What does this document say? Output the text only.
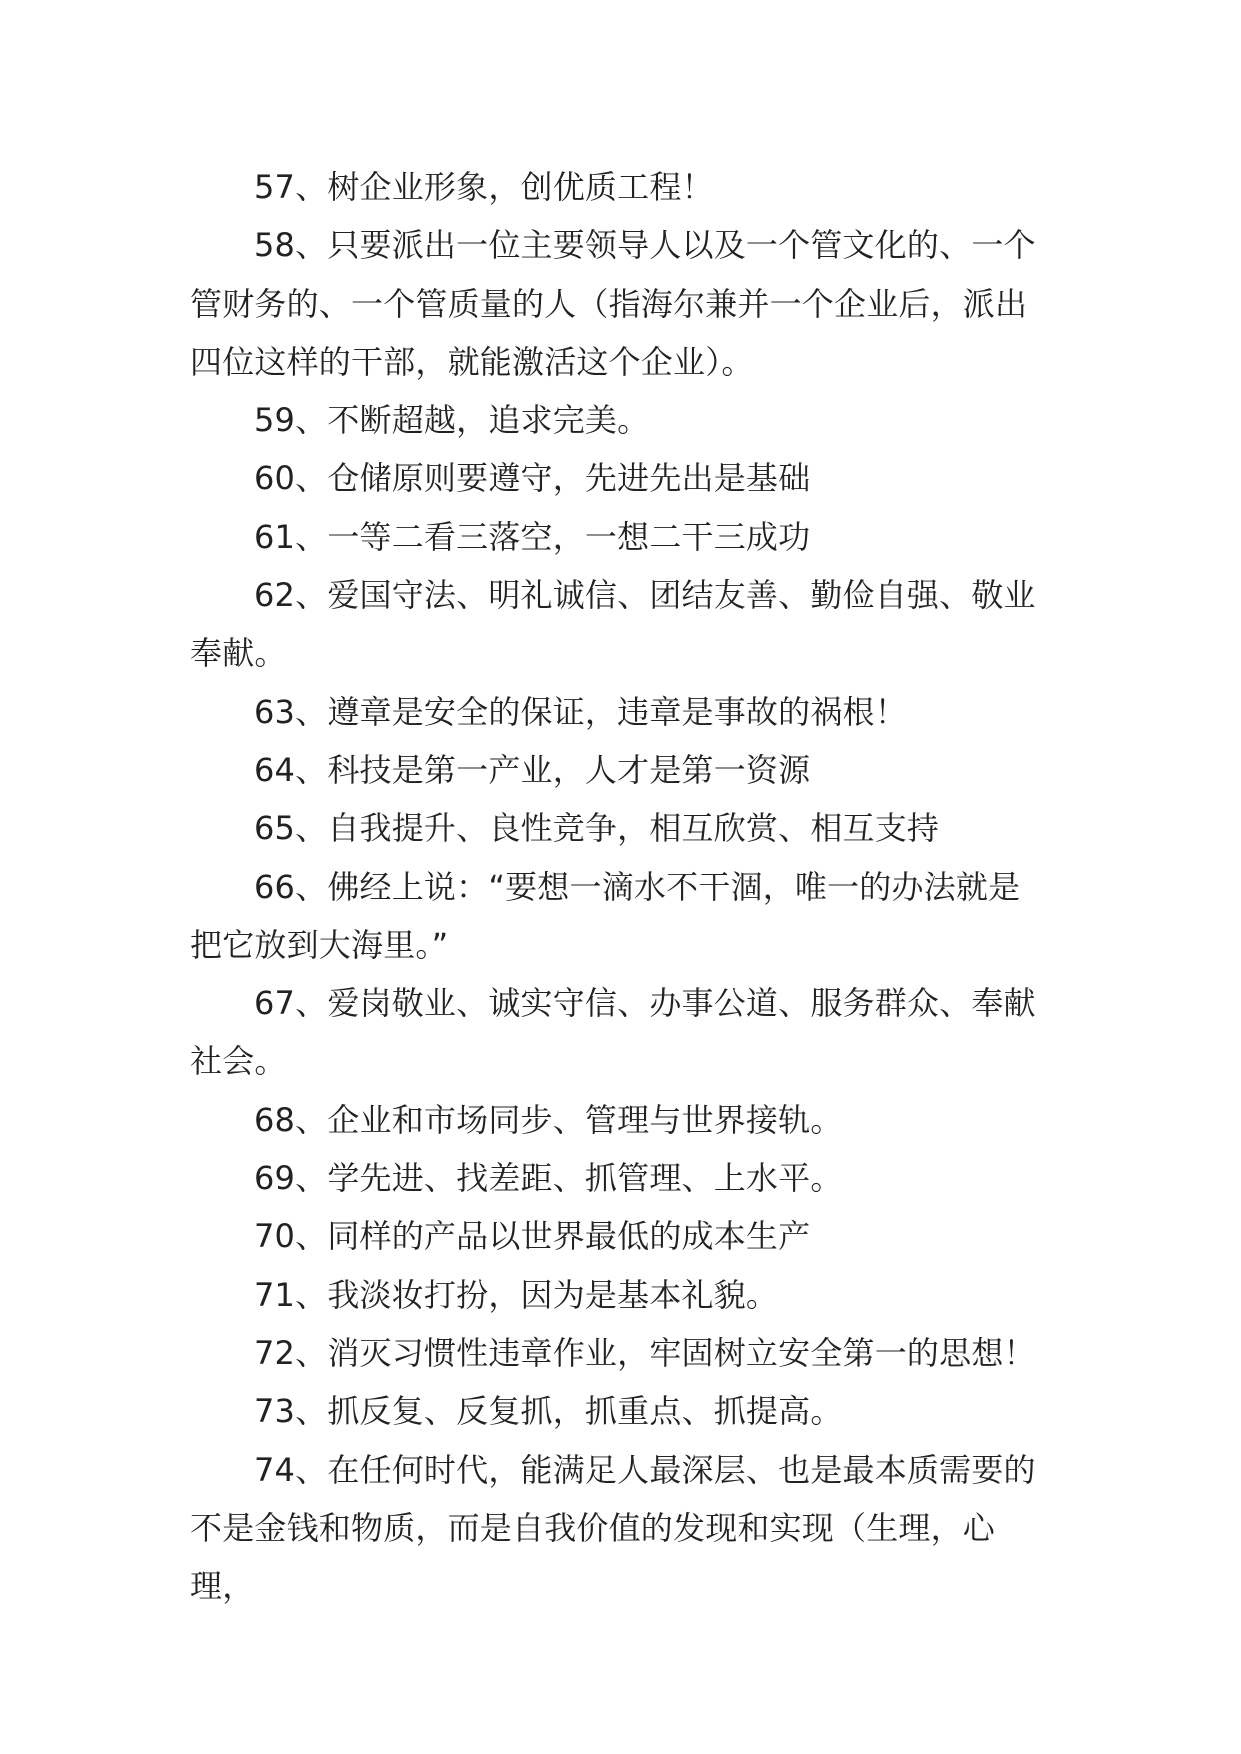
57、树企业形象，创优质工程！

58、只要派出一位主要领导人以及一个管文化的、一个管财务的、一个管质量的人（指海尔兼并一个企业后，派出四位这样的干部，就能激活这个企业）。

59、不断超越，追求完美。

60、仓储原则要遵守，先进先出是基础

61、一等二看三落空，一想二干三成功

62、爱国守法、明礼诚信、团结友善、勤俭自强、敬业奉献。

63、遵章是安全的保证，违章是事故的祸根！

64、科技是第一产业，人才是第一资源

65、自我提升、良性竞争，相互欣赏、相互支持

66、佛经上说：“要想一滴水不干涸，唯一的办法就是把它放到大海里。”

67、爱岗敬业、诚实守信、办事公道、服务群众、奉献社会。

68、企业和市场同步、管理与世界接轨。

69、学先进、找差距、抓管理、上水平。

70、同样的产品以世界最低的成本生产

71、我淡妆打扮，因为是基本礼貌。

72、消灭习惯性违章作业，牢固树立安全第一的思想！

73、抓反复、反复抓，抓重点、抓提高。

74、在任何时代，能满足人最深层、也是最本质需要的不是金钱和物质，而是自我价值的发现和实现（生理，心理，
